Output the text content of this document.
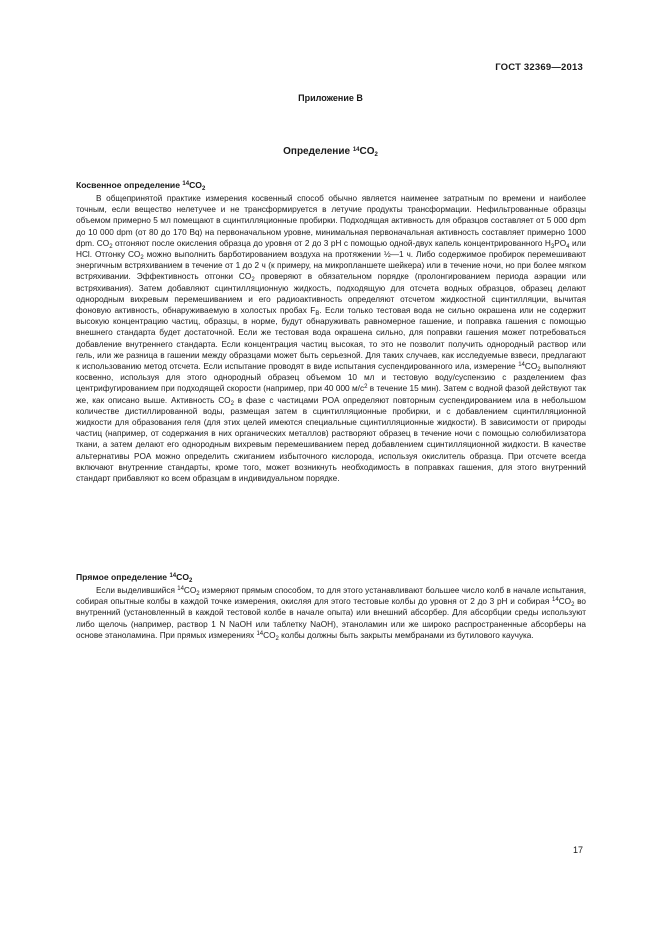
ГОСТ 32369—2013
Приложение В
Определение $^{14}CO_2$
Косвенное определение $^{14}CO_2$

В общепринятой практике измерения косвенный способ обычно является наименее затратным по времени и наиболее точным, если вещество нелетучее и не трансформируется в летучие продукты трансформации. Нефильтрованные образцы объемом примерно 5 мл помещают в сцинтилляционные пробирки. Подходящая активность для образцов составляет от 5 000 dpm до 10 000 dpm (от 80 до 170 Bq) на первоначальном уровне, минимальная первоначальная активность составляет примерно 1000 dpm. $CO_2$ отгоняют после окисления образца до уровня от 2 до 3 pH с помощью одной-двух капель концентрированного $H_3PO_4$ или HCl. Отгонку $CO_2$ можно выполнить барботированием воздуха на протяжении ½—1 ч. Либо содержимое пробирок перемешивают энергичным встряхиванием в течение от 1 до 2 ч (к примеру, на микропланшете шейкера) или в течение ночи, но при более мягком встряхивании. Эффективность отгонки $CO_2$ проверяют в обязательном порядке (пролонгированием периода аэрации или встряхивания). Затем добавляют сцинтилляционную жидкость, подходящую для отсчета водных образцов, образец делают однородным вихревым перемешиванием и его радиоактивность определяют отсчетом жидкостной сцинтилляции, вычитая фоновую активность, обнаруживаемую в холостых пробах $F_B$. Если только тестовая вода не сильно окрашена или не содержит высокую концентрацию частиц, образцы, в норме, будут обнаруживать равномерное гашение, и поправка гашения с помощью внешнего стандарта будет достаточной. Если же тестовая вода окрашена сильно, для поправки гашения может потребоваться добавление внутреннего стандарта. Если концентрация частиц высокая, то это не позволит получить однородный раствор или гель, или же разница в гашении между образцами может быть серьезной. Для таких случаев, как исследуемые взвеси, предлагают к использованию метод отсчета. Если испытание проводят в виде испытания суспендированного ила, измерение $^{14}CO_2$ выполняют косвенно, используя для этого однородный образец объемом 10 мл и тестовую воду/суспензию с разделением фаз центрифугированием при подходящей скорости (например, при 40 000 $м/с^2$ в течение 15 мин). Затем с водной фазой действуют так же, как описано выше. Активность $CO_2$ в фазе с частицами POA определяют повторным суспендированием ила в небольшом количестве дистиллированной воды, размещая затем в сцинтилляционные пробирки, и с добавлением сцинтилляционной жидкости для образования геля (для этих целей имеются специальные сцинтилляционные жидкости). В зависимости от природы частиц (например, от содержания в них органических металлов) растворяют образец в течение ночи с помощью солюбилизатора ткани, а затем делают его однородным вихревым перемешиванием перед добавлением сцинтилляционной жидкости. В качестве альтернативы POA можно определить сжиганием избыточного кислорода, используя окислитель образца. При отсчете всегда включают внутренние стандарты, кроме того, может возникнуть необходимость в поправках гашения, для этого внутренний стандарт прибавляют ко всем образцам в индивидуальном порядке.

Прямое определение $^{14}CO_2$

Если выделившийся $^{14}CO_2$ измеряют прямым способом, то для этого устанавливают большее число колб в начале испытания, собирая опытные колбы в каждой точке измерения, окисляя для этого тестовые колбы до уровня от 2 до 3 pH и собирая $^{14}CO_2$ во внутренний (установленный в каждой тестовой колбе в начале опыта) или внешний абсорбер. Для абсорбции среды используют либо щелочь (например, раствор 1 N NaOH или таблетку NaOH), этаноламин или же широко распространенные абсорберы на основе этаноламина. При прямых измерениях $^{14}CO_2$ колбы должны быть закрыты мембранами из бутилового каучука.

17
